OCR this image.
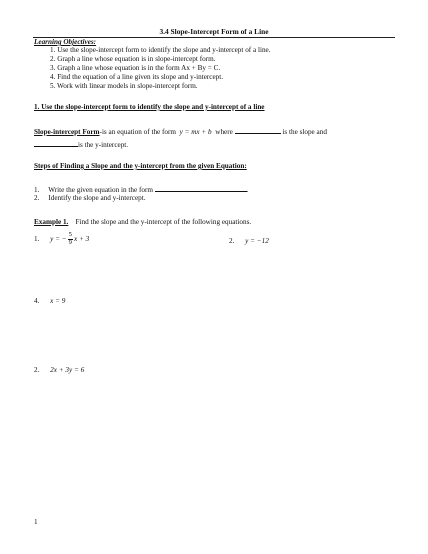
3.4 Slope-Intercept Form of a Line
Learning Objectives:
1. Use the slope-intercept form to identify the slope and y-intercept of a line.
2. Graph a line whose equation is in slope-intercept form.
3. Graph a line whose equation is in the form Ax + By = C.
4. Find the equation of a line given its slope and y-intercept.
5. Work with linear models in slope-intercept form.
1. Use the slope-intercept form to identify the slope and y-intercept of a line
Slope-intercept Form-is an equation of the form y = mx + b where	is the slope and
is the y-intercept.
Steps of Finding a Slope and the y-intercept from the given Equation:
1. Write the given equation in the form	.
2. Identify the slope and y-intercept.
Example 1. Find the slope and the y-intercept of the following equations.
1. y = − $\frac{5}{9}$ x + 3	2. y = −12
4. x = 9
2. 2x + 3y = 6
1
